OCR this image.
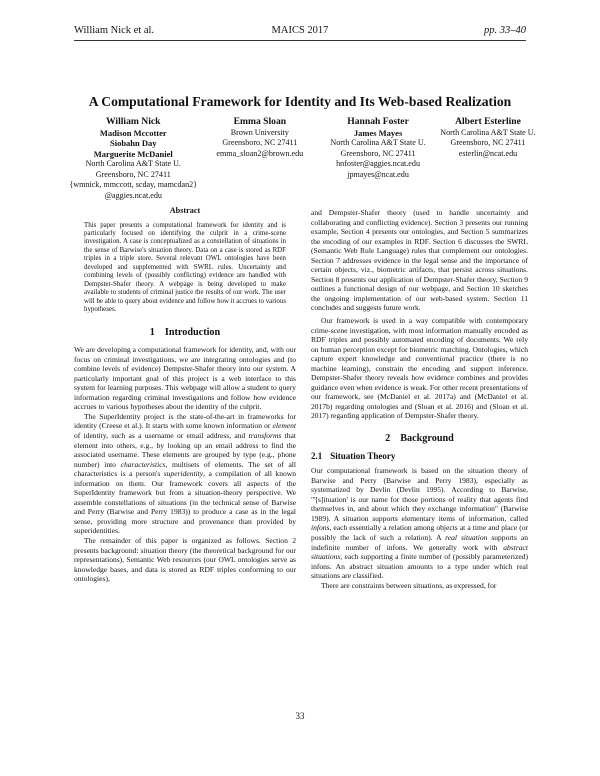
William Nick et al.	MAICS 2017	pp. 33–40
A Computational Framework for Identity and Its Web-based Realization
William Nick
Madison Mccotter
Siobahn Day
Marguerite McDaniel
North Carolina A&T State U.
Greensboro, NC 27411
{wmnick, mmccott, scday, mamcdan2}
@aggies.ncat.edu
Emma Sloan
Brown University
Greensboro, NC 27411
emma_sloan2@brown.edu
Hannah Foster
James Mayes
North Carolina A&T State U.
Greensboro, NC 27411
hnfoster@aggies.ncat.edu
jpmayes@ncat.edu
Albert Esterline
North Carolina A&T State U.
Greensboro, NC 27411
esterlin@ncat.edu
Abstract

This paper presents a computational framework for identity and is particularly focused on identifying the culprit in a crime-scene investigation. A case is conceptualized as a constellation of situations in the sense of Barwise's situation theory. Data on a case is stored as RDF triples in a triple store. Several relevant OWL ontologies have been developed and supplemented with SWRL rules. Uncertainty and combining levels of (possibly conflicting) evidence are handled with Dempster-Shafer theory. A webpage is being developed to make available to students of criminal justice the results of our work. The user will be able to query about evidence and follow how it accrues to various hypotheses.

1 Introduction

We are developing a computational framework for identity, and, with our focus on criminal investigations, we are integrating ontologies and (to combine levels of evidence) Dempster-Shafer theory into our system. A particularly important goal of this project is a web interface to this system for learning purposes. This webpage will allow a student to query information regarding criminal investigations and follow how evidence accrues to various hypotheses about the identity of the culprit.

The SuperIdentity project is the state-of-the-art in frameworks for identity (Creese et al.). It starts with some known information or element of identity, such as a username or email address, and transforms that element into others, e.g., by looking up an email address to find the associated username. These elements are grouped by type (e.g., phone number) into characteristics, multisets of elements. The set of all characteristics is a person's superidentity, a compilation of all known information on them. Our framework covers all aspects of the SuperIdentity framework but from a situation-theory perspective. We assemble constellations of situations (in the technical sense of Barwise and Perry (Barwise and Perry 1983)) to produce a case as in the legal sense, providing more structure and provenance than provided by superidentities.

The remainder of this paper is organized as follows. Section 2 presents background: situation theory (the theoretical background for our representations), Semantic Web resources (our OWL ontologies serve as knowledge bases, and data is stored as RDF triples conforming to our ontologies),

and Dempster-Shafer theory (used to handle uncertainty and collaborating and conflicting evidence). Section 3 presents our running example, Section 4 presents our ontologies, and Section 5 summarizes the encoding of our examples in RDF. Section 6 discusses the SWRL (Semantic Web Rule Language) rules that complement our ontologies. Section 7 addresses evidence in the legal sense and the importance of certain objects, viz., biometric artifacts, that persist across situations. Section 8 presents our application of Dempster-Shafer theory, Section 9 outlines a functional design of our webpage, and Section 10 sketches the ongoing implementation of our web-based system. Section 11 concludes and suggests future work.

Our framework is used in a way compatible with contemporary crime-scene investigation, with most information manually encoded as RDF triples and possibly automated encoding of documents. We rely on human perception except for biometric matching. Ontologies, which capture expert knowledge and conventional practice (there is no machine learning), constrain the encoding and support inference. Dempster-Shafer theory reveals how evidence combines and provides guidance even when evidence is weak. For other recent presentations of our framework, see (McDaniel et al. 2017a) and (McDaniel et al. 2017b) regarding ontologies and (Sloan et al. 2016) and (Sloan et al. 2017) regarding application of Dempster-Shafer theory.

2 Background
2.1 Situation Theory

Our computational framework is based on the situation theory of Barwise and Perry (Barwise and Perry 1983), especially as systematized by Devlin (Devlin 1995). According to Barwise, "'[s]ituation' is our name for those portions of reality that agents find themselves in, and about which they exchange information" (Barwise 1989). A situation supports elementary items of information, called infons, each essentially a relation among objects at a time and place (or possibly the lack of such a relation). A real situation supports an indefinite number of infons. We generally work with abstract situations, each supporting a finite number of (possibly parameterized) infons. An abstract situation amounts to a type under which real situations are classified.

There are constraints between situations, as expressed, for

33
